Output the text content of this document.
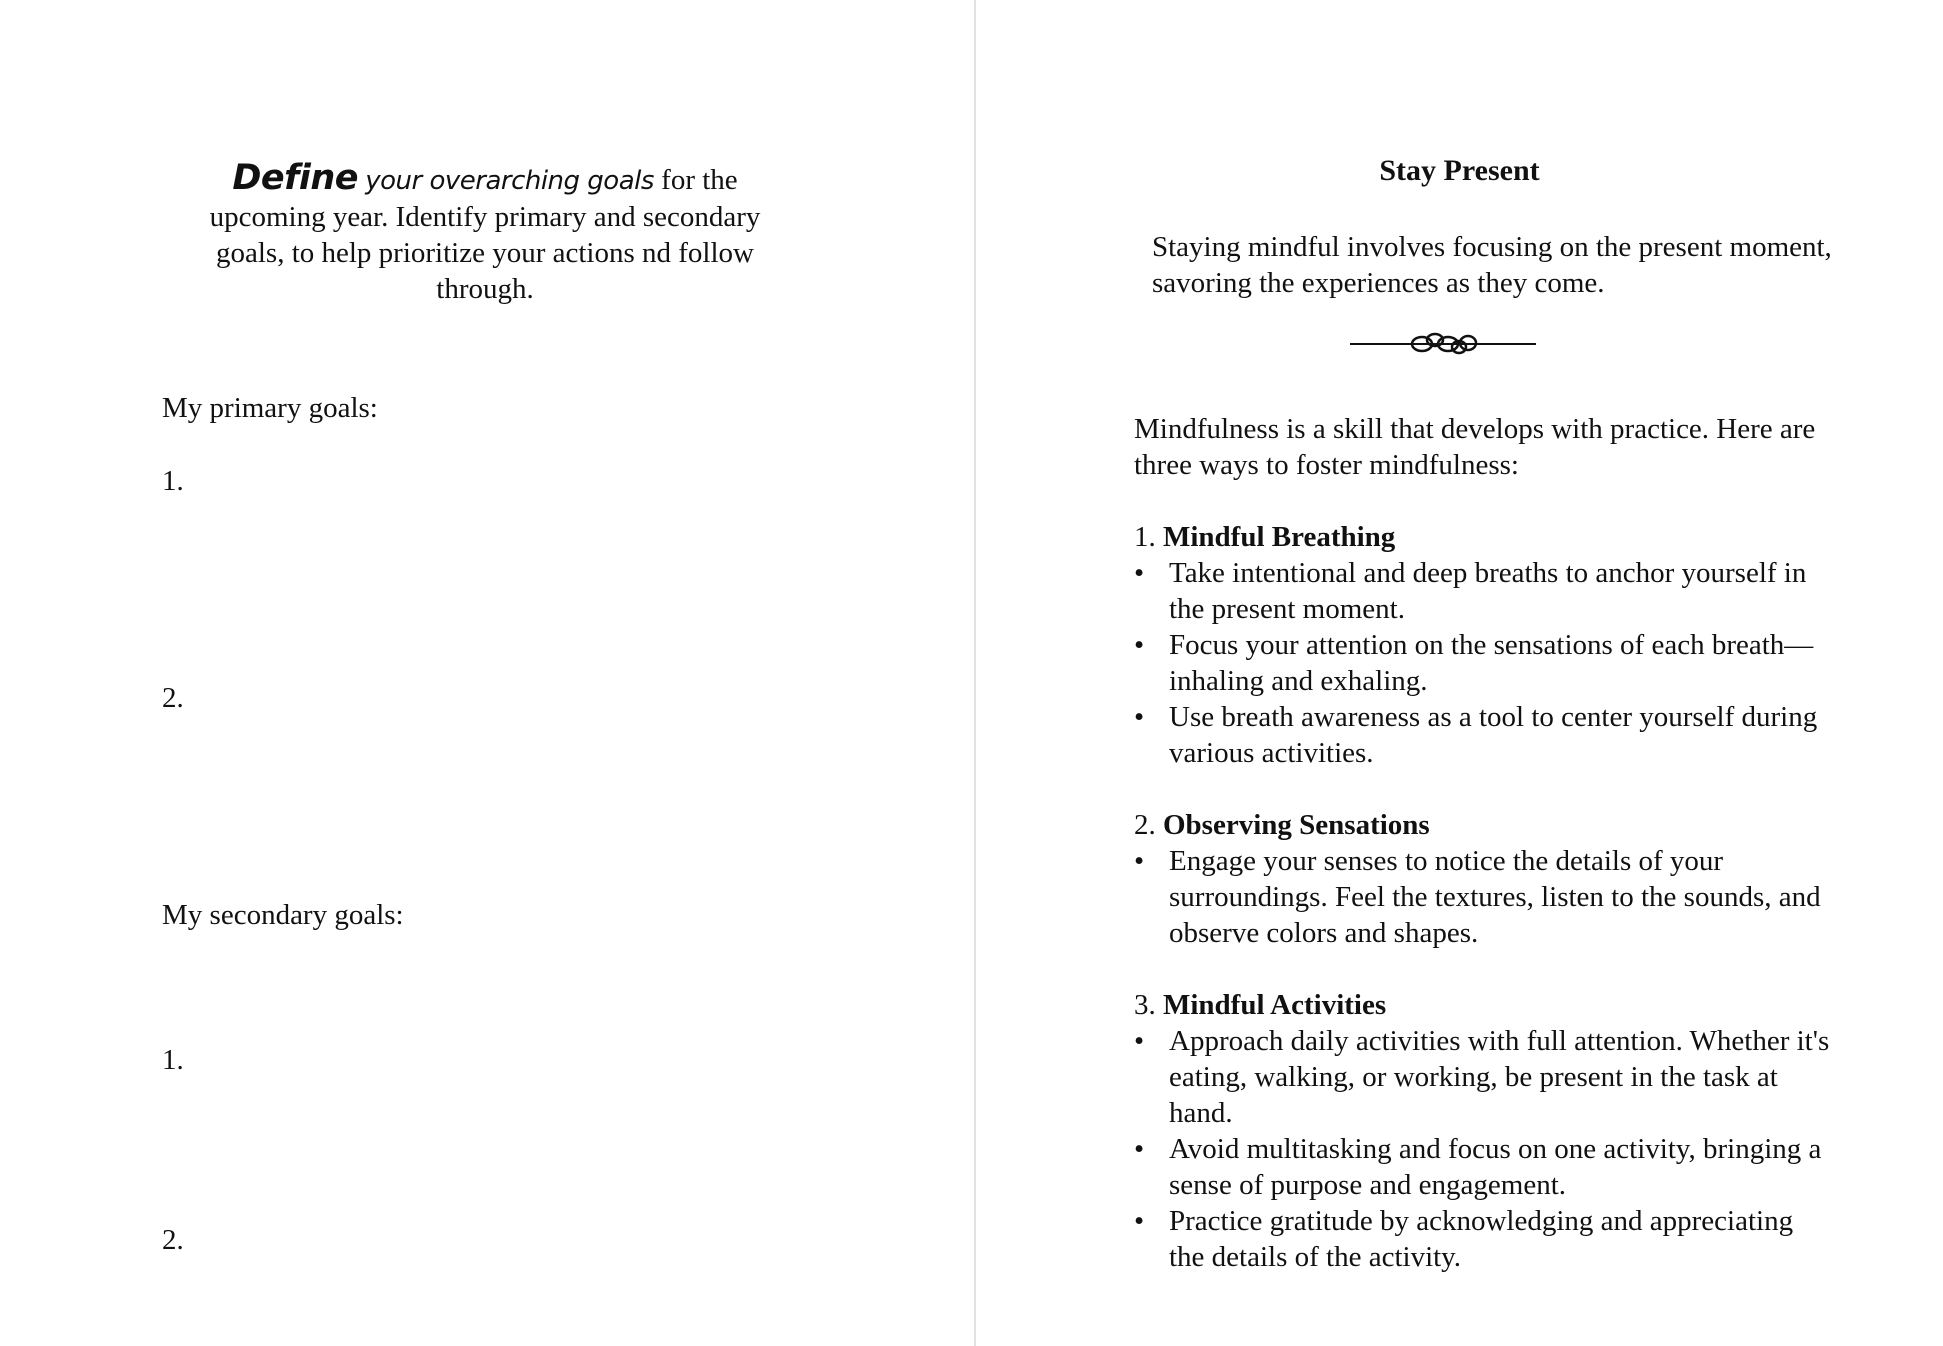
Define your overarching goals for the upcoming year. Identify primary and secondary goals, to help prioritize your actions nd follow through.
My primary goals:
1.
2.
My secondary goals:
1.
2.
Stay Present
Staying mindful involves focusing on the present moment, savoring the experiences as they come.

Mindfulness is a skill that develops with practice. Here are three ways to foster mindfulness:

1. Mindful Breathing

• Take intentional and deep breaths to anchor yourself in the present moment.
• Focus your attention on the sensations of each breath—inhaling and exhaling.
• Use breath awareness as a tool to center yourself during various activities.

2. Observing Sensations

• Engage your senses to notice the details of your surroundings. Feel the textures, listen to the sounds, and observe colors and shapes.

3. Mindful Activities

• Approach daily activities with full attention. Whether it's eating, walking, or working, be present in the task at hand.
• Avoid multitasking and focus on one activity, bringing a sense of purpose and engagement.
• Practice gratitude by acknowledging and appreciating the details of the activity.
